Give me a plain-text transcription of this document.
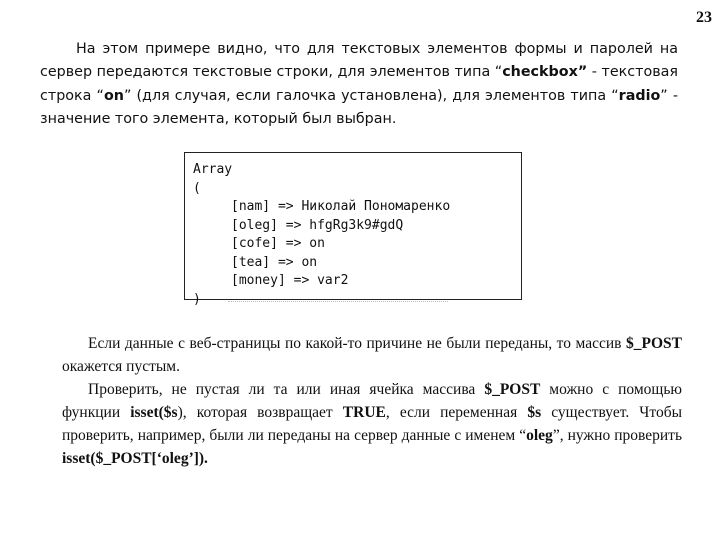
23

На этом примере видно, что для текстовых элементов формы и паролей на сервер передаются текстовые строки, для элементов типа “checkbox” - текстовая строка “on” (для случая, если галочка установлена), для элементов типа “radio” - значение того элемента, который был выбран.

Array
(
[nam] => Николай Пономаренко
[oleg] => hfgRg3k9#gdQ
[cofe] => on
[tea] => on
[money] => var2
)

Если данные с веб-страницы по какой-то причине не были переданы, то массив $_POST окажется пустым.

Проверить, не пустая ли та или иная ячейка массива $_POST можно с помощью функции isset($s), которая возвращает TRUE, если переменная $s существует. Чтобы проверить, например, были ли переданы на сервер данные с именем “oleg”, нужно проверить isset($_POST[‘oleg’]).
